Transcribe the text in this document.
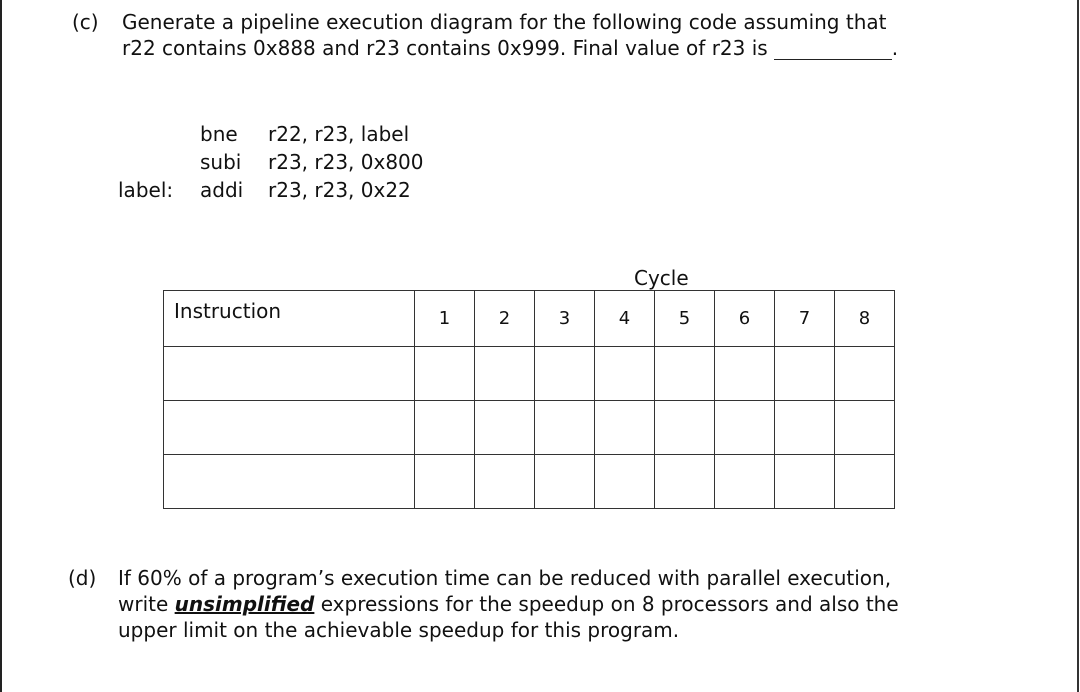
(c) Generate a pipeline execution diagram for the following code assuming that
r22 contains 0x888 and r23 contains 0x999. Final value of r23 is	.

bne r22, r23, label

subi r23, r23, 0x800

label: addi r23, r23, 0x22

Cycle
Instruction	1	2	3	4	5	6	7	8

(d) If 60% of a program’s execution time can be reduced with parallel execution,
write unsimplified expressions for the speedup on 8 processors and also the
upper limit on the achievable speedup for this program.
